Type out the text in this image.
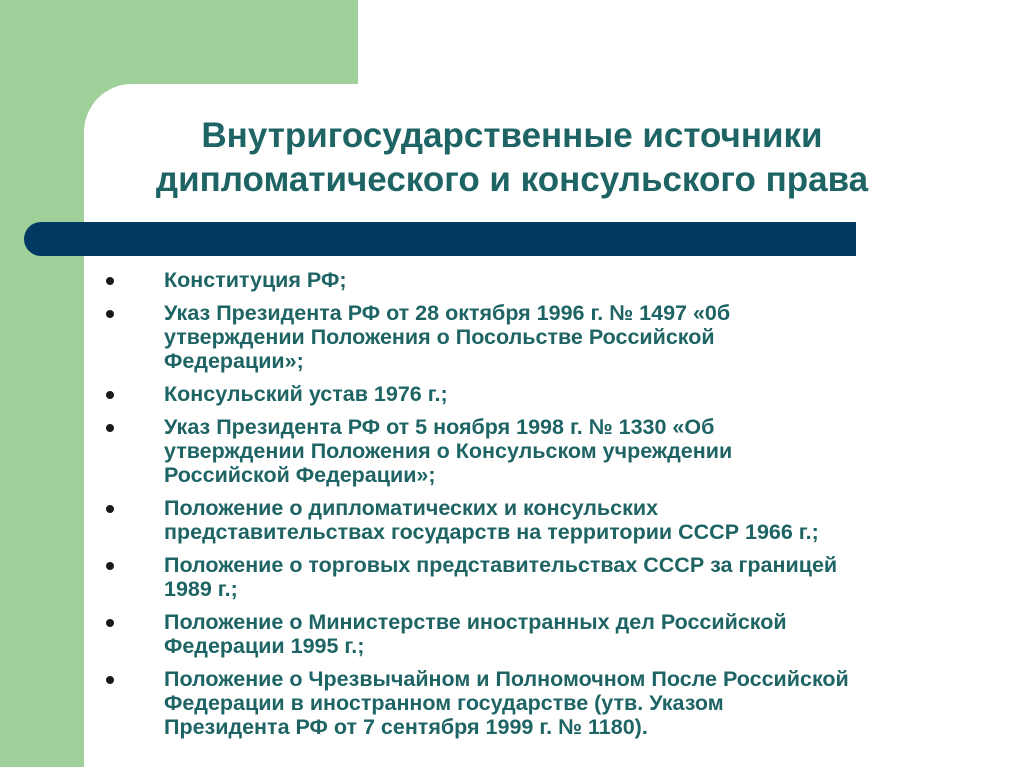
Внутригосударственные источники
дипломатического и консульского права
Конституция РФ;
Указ Президента РФ от 28 октября 1996 г. № 1497 «0б
утверждении Положения о Посольстве Российской
Федерации»;
Консульский устав 1976 г.;
Указ Президента РФ от 5 ноября 1998 г. № 1330 «Об
утверждении Положения о Консульском учреждении
Российской Федерации»;
Положение о дипломатических и консульских
представительствах государств на территории СССР 1966 г.;
Положение о торговых представительствах СССР за границей
1989 г.;
Положение о Министерстве иностранных дел Российской
Федерации 1995 г.;
Положение о Чрезвычайном и Полномочном После Российской
Федерации в иностранном государстве (утв. Указом
Президента РФ от 7 сентября 1999 г. № 1180).
